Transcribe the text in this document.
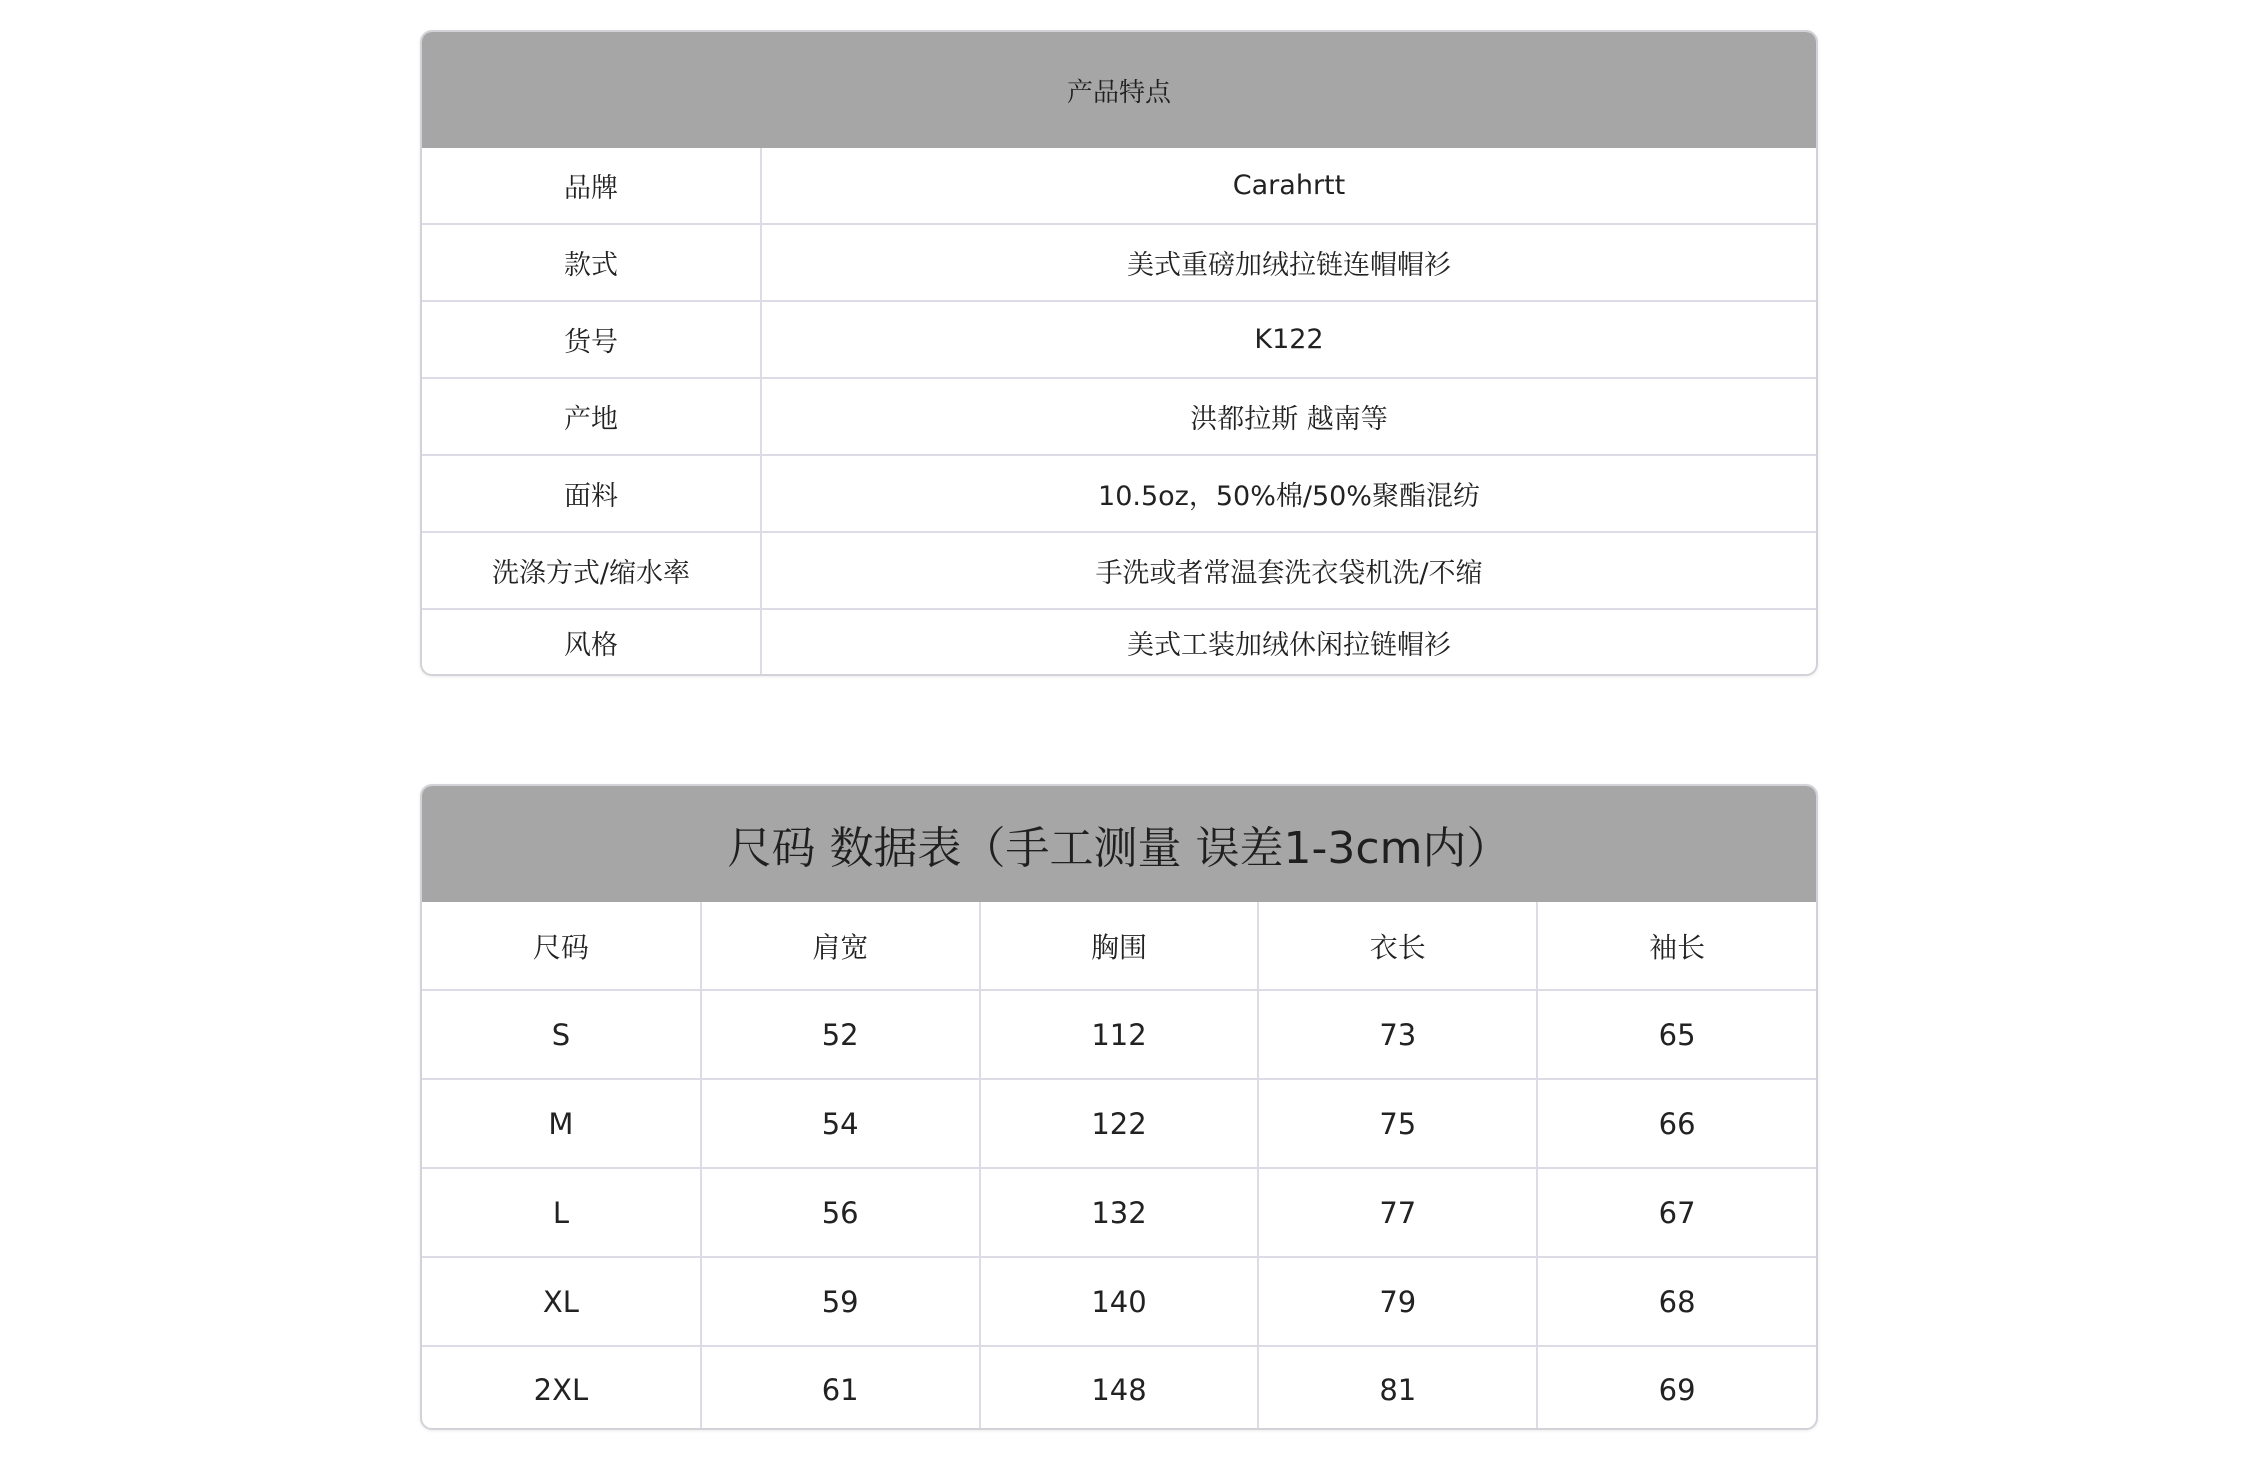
产品特点
品牌	Carahrtt
款式	美式重磅加绒拉链连帽帽衫
货号	K122
产地	洪都拉斯 越南等
面料	10.5oz，50%棉/50%聚酯混纺
洗涤方式/缩水率	手洗或者常温套洗衣袋机洗/不缩
风格	美式工装加绒休闲拉链帽衫
尺码 数据表（手工测量 误差1-3cm内）
尺码	肩宽	胸围	衣长	袖长
S	52	112	73	65
M	54	122	75	66
L	56	132	77	67
XL	59	140	79	68
2XL	61	148	81	69
